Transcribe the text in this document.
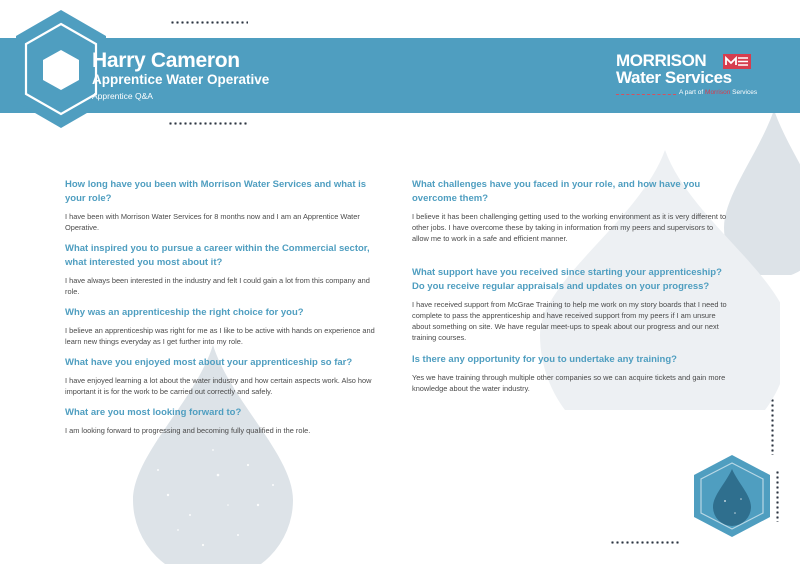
Harry Cameron
Apprentice Water Operative
Apprentice Q&A
MORRISON
Water Services
A part of Morrison Services

How long have you been with Morrison Water Services and what is your role?

I have been with Morrison Water Services for 8 months now and I am an Apprentice Water Operative.

What inspired you to pursue a career within the Commercial sector, what interested you most about it?

I have always been interested in the industry and felt I could gain a lot from this company and role.

Why was an apprenticeship the right choice for you?

I believe an apprenticeship was right for me as I like to be active with hands on experience and learn new things everyday as I get further into my role.

What have you enjoyed most about your apprenticeship so far?

I have enjoyed learning a lot about the water industry and how certain aspects work. Also how important it is for the work to be carried out correctly and safely.

What are you most looking forward to?

I am looking forward to progressing and becoming fully qualified in the role.

What challenges have you faced in your role, and how have you overcome them?

I believe it has been challenging getting used to the working environment as it is very different to other jobs. I have overcome these by taking in information from my peers and supervisors to allow me to work in a safe and efficient manner.

What support have you received since starting your apprenticeship? Do you receive regular appraisals and updates on your progress?

I have received support from McGrae Training to help me work on my story boards that I need to complete to pass the apprenticeship and have received support from my peers if I am unsure about something on site. We have regular meet-ups to speak about our progress and our next training courses.

Is there any opportunity for you to undertake any training?

Yes we have training through multiple other companies so we can acquire tickets and gain more knowledge about the water industry.
